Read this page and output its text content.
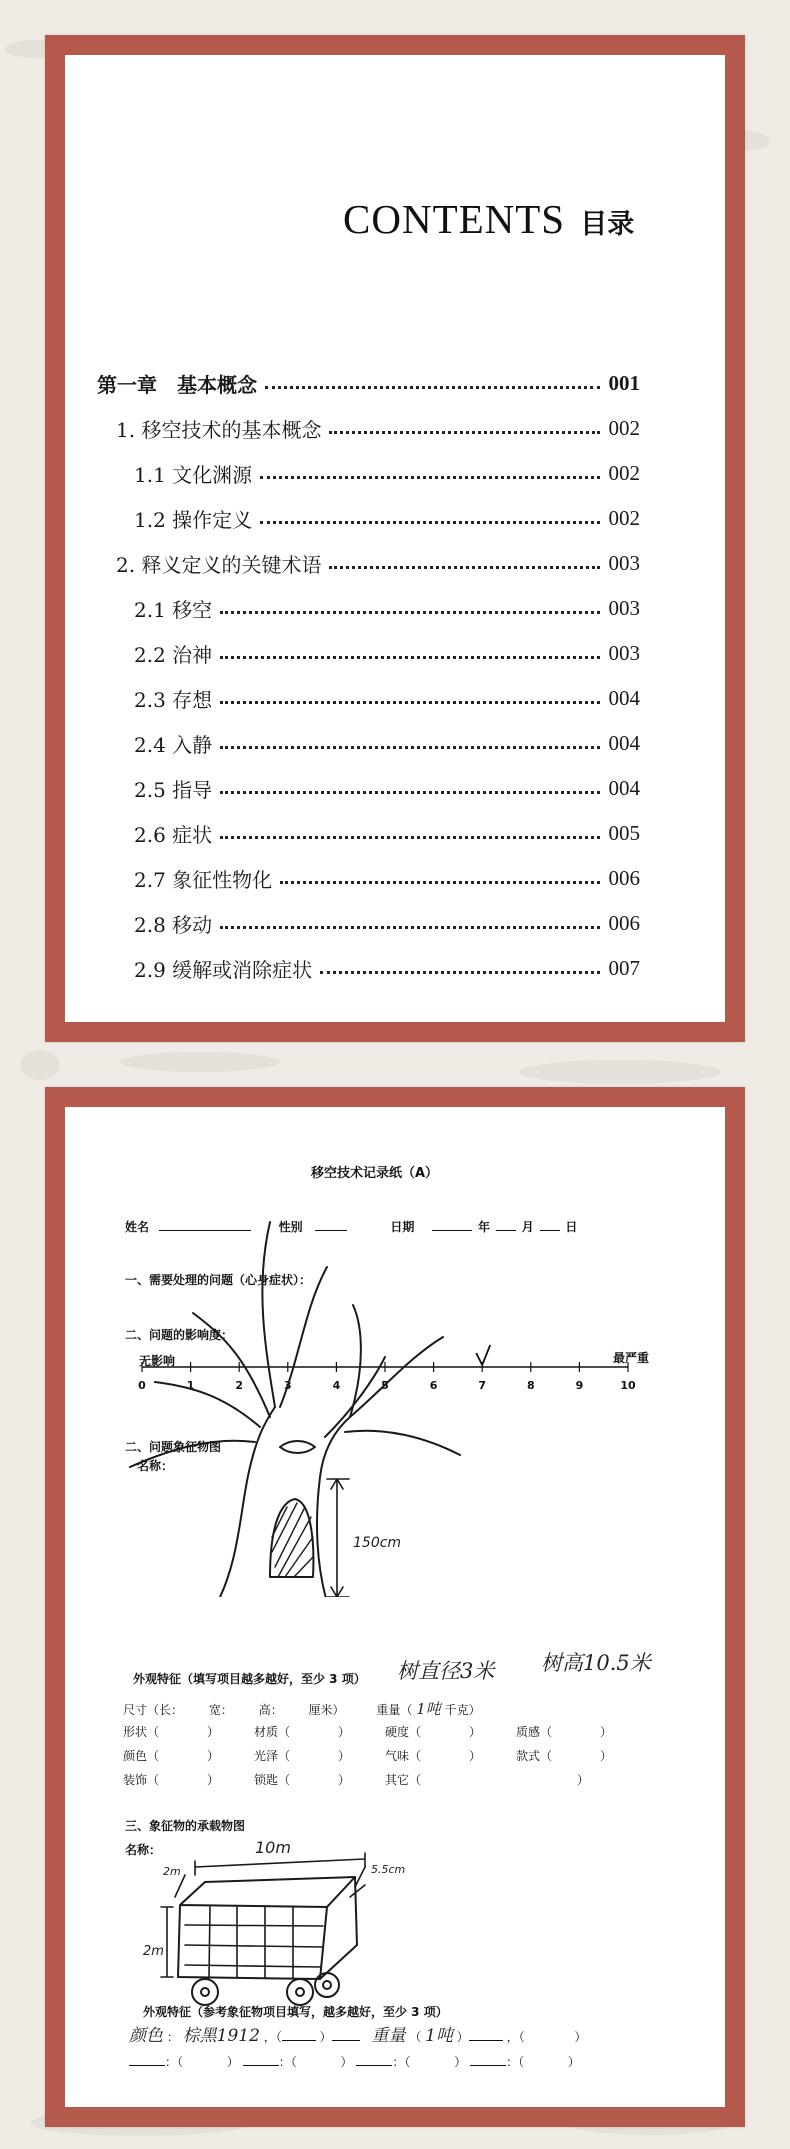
CONTENTS 目录
第一章　基本概念	001
1. 移空技术的基本概念	002
1.1 文化渊源	002
1.2 操作定义	002
2. 释义定义的关键术语	003
2.1 移空	003
2.2 治神	003
2.3 存想	004
2.4 入静	004
2.5 指导	004
2.6 症状	005
2.7 象征性物化	006
2.8 移动	006
2.9 缓解或消除症状	007
移空技术记录纸（A）
姓名	性别	日期	年	月	日
一、需要处理的问题（心身症状）：
二、问题的影响度：
无影响	最严重
二、问题象征物图
名称：
0	1	2	3	4	5	6	7	8	9	10
150cm
外观特征（填写项目越多越好，至少 3 项） 树直径3米 树高10.5米
尺寸（长： 宽： 高： 厘米）	重量（ 1吨 千克）
形状（　　　　）	材质（　　　　）	硬度（　　　　）	质感（　　　　）
颜色（　　　　）	光泽（　　　　）	气味（　　　　）	款式（　　　　）
装饰（　　　　）	锁匙（　　　　）	其它（　　　　　　　　　　　　　）
三、象征物的承载物图
名称：	10m
5.5cm
2m
2m
外观特征（参考象征物项目填写，越多越好，至少 3 项）
颜色 ： 棕黑1912 ，（	） 重量 （ 1吨 ）	，（	）
：（	）	：（	）	：（	）	：（	）
